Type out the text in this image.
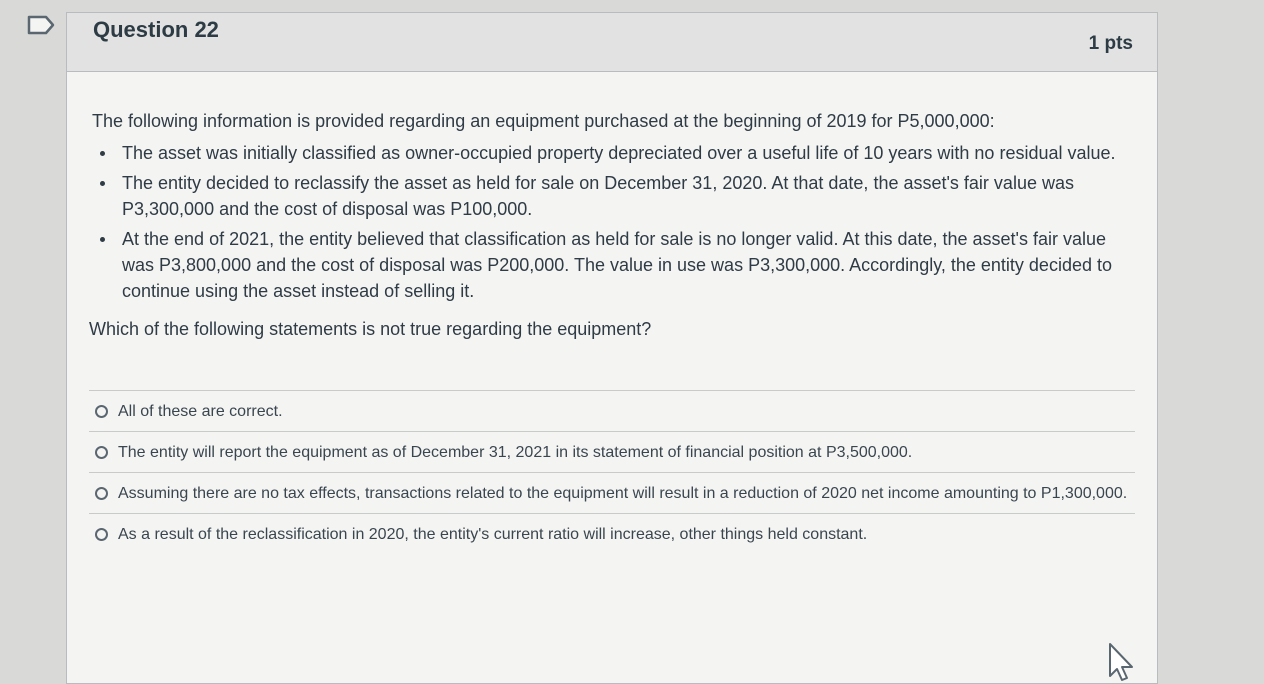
Question 22
1 pts

The following information is provided regarding an equipment purchased at the beginning of 2019 for P5,000,000:

The asset was initially classified as owner-occupied property depreciated over a useful life of 10 years with no residual value.
The entity decided to reclassify the asset as held for sale on December 31, 2020. At that date, the asset's fair value was P3,300,000 and the cost of disposal was P100,000.
At the end of 2021, the entity believed that classification as held for sale is no longer valid. At this date, the asset's fair value was P3,800,000 and the cost of disposal was P200,000. The value in use was P3,300,000. Accordingly, the entity decided to continue using the asset instead of selling it.

Which of the following statements is not true regarding the equipment?

All of these are correct.
The entity will report the equipment as of December 31, 2021 in its statement of financial position at P3,500,000.
Assuming there are no tax effects, transactions related to the equipment will result in a reduction of 2020 net income amounting to P1,300,000.
As a result of the reclassification in 2020, the entity's current ratio will increase, other things held constant.
